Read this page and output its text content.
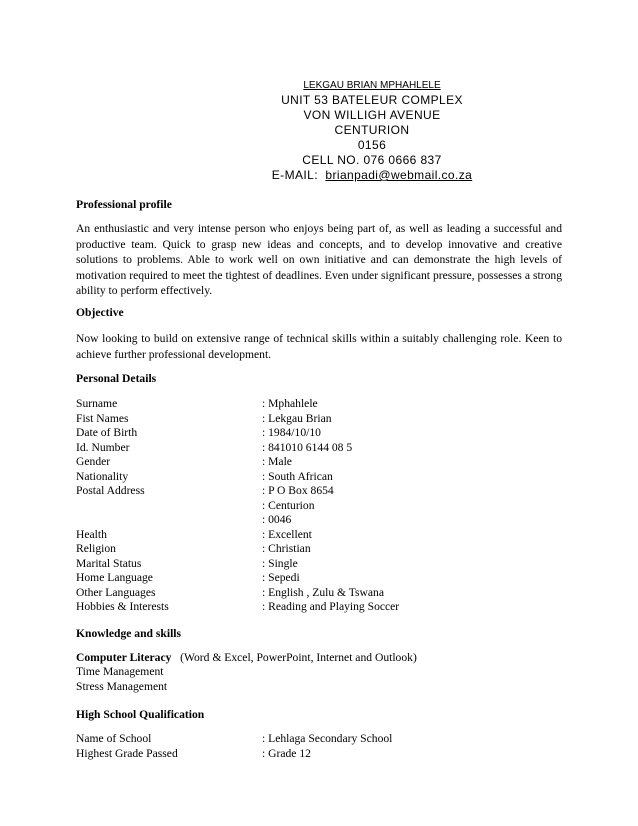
LEKGAU BRIAN MPHAHLELE
UNIT 53 BATELEUR COMPLEX
VON WILLIGH AVENUE
CENTURION
0156
CELL NO. 076 0666 837
E-MAIL: brianpadi@webmail.co.za
Professional profile
An enthusiastic and very intense person who enjoys being part of, as well as leading a successful and productive team. Quick to grasp new ideas and concepts, and to develop innovative and creative solutions to problems. Able to work well on own initiative and can demonstrate the high levels of motivation required to meet the tightest of deadlines. Even under significant pressure, possesses a strong ability to perform effectively.
Objective
Now looking to build on extensive range of technical skills within a suitably challenging role. Keen to achieve further professional development.
Personal Details
Surname	: Mphahlele
Fist Names	: Lekgau Brian
Date of Birth	: 1984/10/10
Id. Number	: 841010 6144 08 5
Gender	: Male
Nationality	: South African
Postal Address	: P O Box 8654
: Centurion
: 0046
Health	: Excellent
Religion	: Christian
Marital Status	: Single
Home Language	: Sepedi
Other Languages	: English , Zulu & Tswana
Hobbies & Interests	: Reading and Playing Soccer
Knowledge and skills
Computer Literacy (Word & Excel, PowerPoint, Internet and Outlook)
Time Management
Stress Management
High School Qualification
Name of School	: Lehlaga Secondary School
Highest Grade Passed	: Grade 12
